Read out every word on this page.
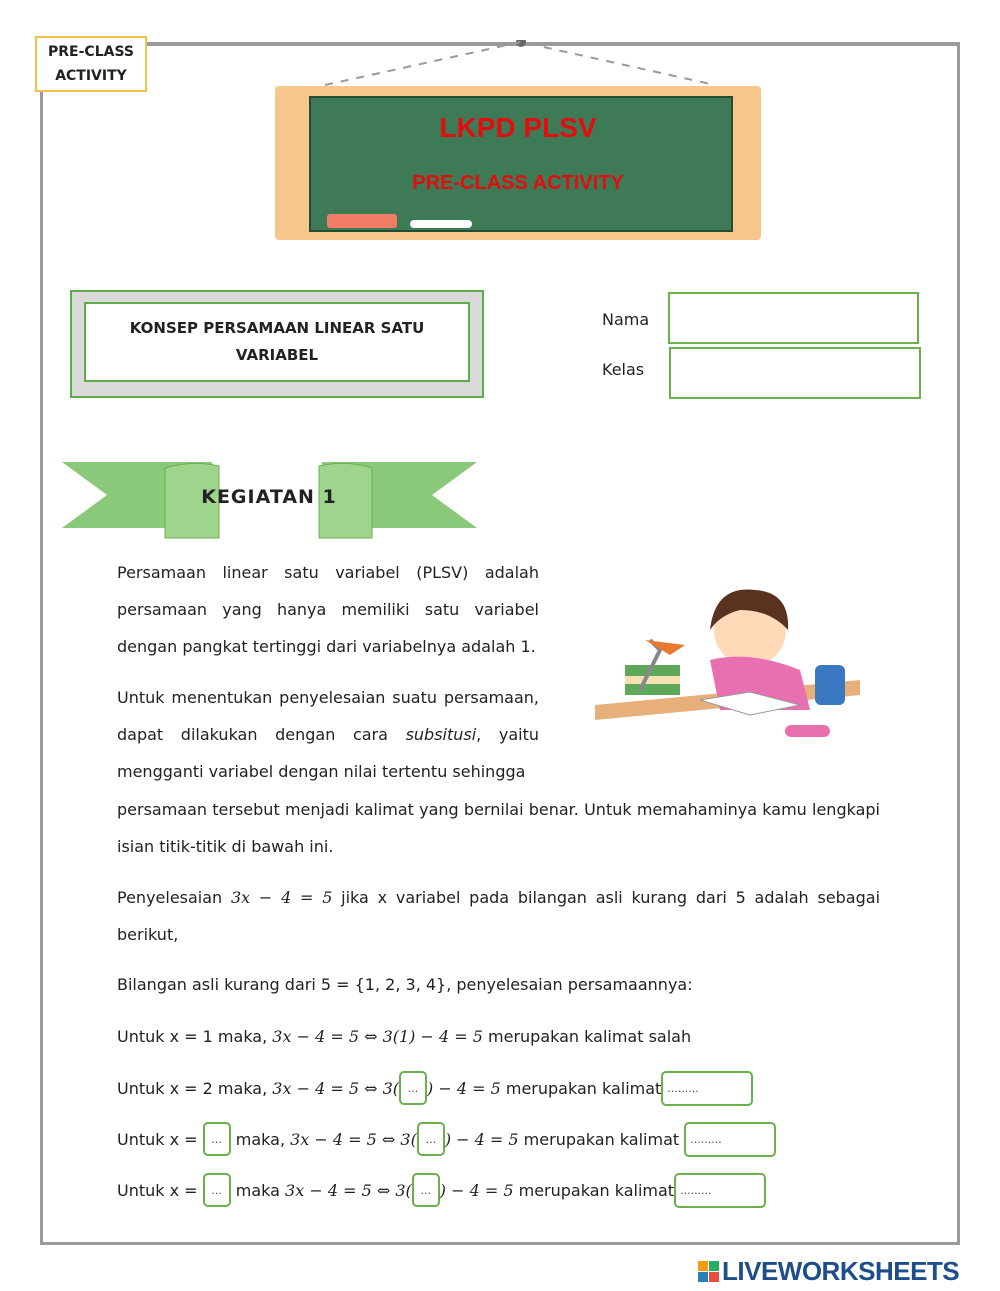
PRE-CLASS ACTIVITY
LKPD PLSV
PRE-CLASS ACTIVITY
KONSEP PERSAMAAN LINEAR SATU VARIABEL
Nama
Kelas
KEGIATAN 1
Persamaan linear satu variabel (PLSV) adalah persamaan yang hanya memiliki satu variabel dengan pangkat tertinggi dari variabelnya adalah 1.
Untuk menentukan penyelesaian suatu persamaan, dapat dilakukan dengan cara subsitusi, yaitu mengganti variabel dengan nilai tertentu sehingga
persamaan tersebut menjadi kalimat yang bernilai benar. Untuk memahaminya kamu lengkapi isian titik-titik di bawah ini.
Penyelesaian 3x − 4 = 5 jika x variabel pada bilangan asli kurang dari 5 adalah sebagai berikut,
Bilangan asli kurang dari 5 = {1, 2, 3, 4}, penyelesaian persamaannya:
Untuk x = 1 maka, 3x − 4 = 5 ⇔ 3(1) − 4 = 5 merupakan kalimat salah
Untuk x = 2 maka, 3x − 4 = 5 ⇔ 3( ... ) − 4 = 5 merupakan kalimat .........
Untuk x = ... maka, 3x − 4 = 5 ⇔ 3( ... ) − 4 = 5 merupakan kalimat .........
Untuk x = ... maka 3x − 4 = 5 ⇔ 3( ... ) − 4 = 5 merupakan kalimat .........
LIVEWORKSHEETS
